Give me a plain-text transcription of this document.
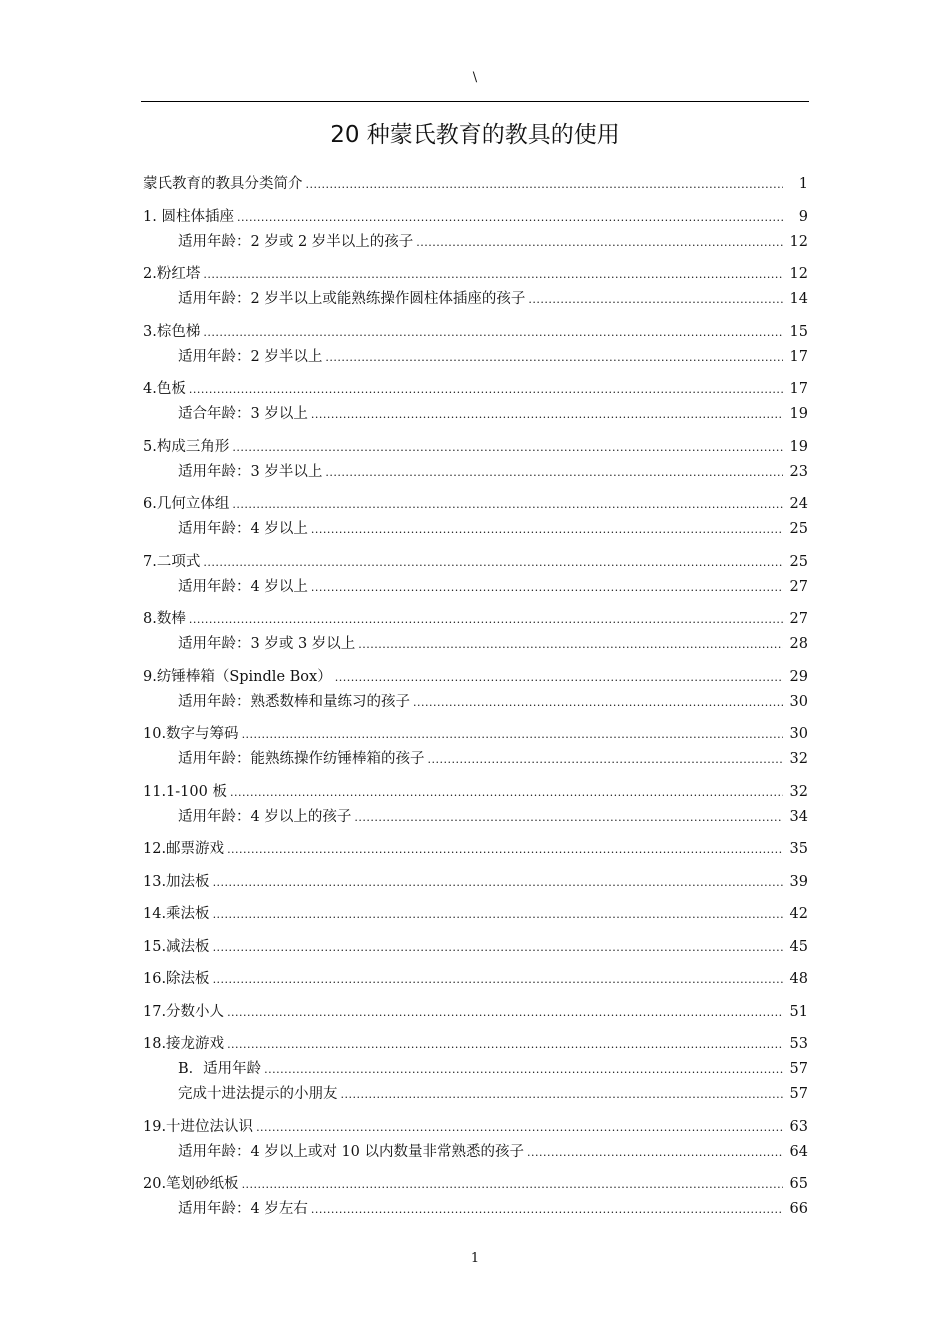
\
20 种蒙氏教育的教具的使用
蒙氏教育的教具分类简介 .....	1
1. 圆柱体插座 .....	9
适用年龄：2 岁或 2 岁半以上的孩子 .....	12
2.粉红塔 .....	12
适用年龄：2 岁半以上或能熟练操作圆柱体插座的孩子 .....	14
3.棕色梯 .....	15
适用年龄：2 岁半以上 .....	17
4.色板 .....	17
适合年龄：3 岁以上 .....	19
5.构成三角形 .....	19
适用年龄：3 岁半以上 .....	23
6.几何立体组 .....	24
适用年龄：4 岁以上 .....	25
7.二项式 .....	25
适用年龄：4 岁以上 .....	27
8.数棒 .....	27
适用年龄：3 岁或 3 岁以上 .....	28
9.纺锤棒箱（Spindle Box） .....	29
适用年龄：熟悉数棒和量练习的孩子 .....	30
10.数字与筹码 .....	30
适用年龄：能熟练操作纺锤棒箱的孩子 .....	32
11.1-100 板 .....	32
适用年龄：4 岁以上的孩子 .....	34
12.邮票游戏 .....	35
13.加法板 .....	39
14.乘法板 .....	42
15.减法板 .....	45
16.除法板 .....	48
17.分数小人 .....	51
18.接龙游戏 .....	53
B．适用年龄 .....	57
完成十进法提示的小朋友 .....	57
19.十进位法认识 .....	63
适用年龄：4 岁以上或对 10 以内数量非常熟悉的孩子 .....	64
20.笔划砂纸板 .....	65
适用年龄：4 岁左右 .....	66
1
